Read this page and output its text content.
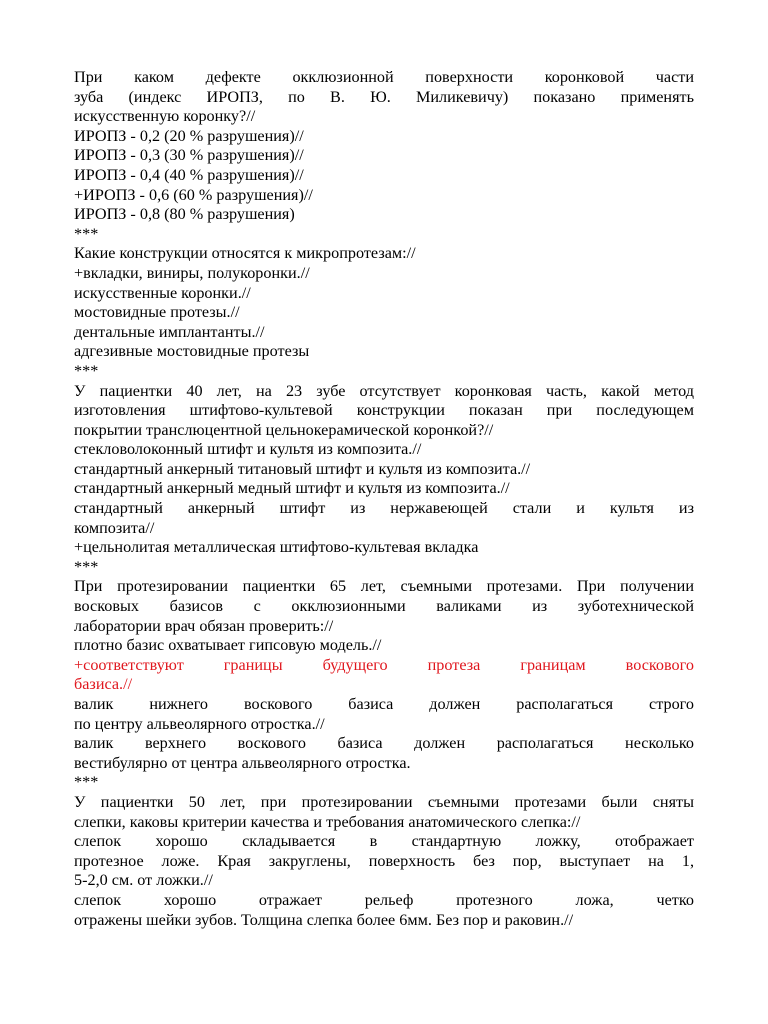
При каком дефекте окклюзионной поверхности коронковой части
зуба (индекс ИРОПЗ, по В. Ю. Миликевичу) показано применять
искусственную коронку?//
ИРОПЗ - 0,2 (20 % разрушения)//
ИРОПЗ - 0,3 (30 % разрушения)//
ИРОПЗ - 0,4 (40 % разрушения)//
+ИРОПЗ - 0,6 (60 % разрушения)//
ИРОПЗ - 0,8 (80 % разрушения)
***
Какие конструкции относятся к микропротезам://
+вкладки, виниры, полукоронки.//
искусственные коронки.//
мостовидные протезы.//
дентальные имплантанты.//
адгезивные мостовидные протезы
***
У пациентки 40 лет, на 23 зубе отсутствует коронковая часть, какой метод
изготовления штифтово-культевой конструкции показан при последующем
покрытии транслюцентной цельнокерамической коронкой?//
стекловолоконный штифт и культя из композита.//
стандартный анкерный титановый штифт и культя из композита.//
стандартный анкерный медный штифт и культя из композита.//
стандартный анкерный штифт из нержавеющей стали и культя из
композита//
+цельнолитая металлическая штифтово-культевая вкладка
***
При протезировании пациентки 65 лет, съемными протезами. При получении
восковых базисов с окклюзионными валиками из зуботехнической
лаборатории врач обязан проверить://
плотно базис охватывает гипсовую модель.//
+соответствуют границы будущего протеза границам воскового
базиса.//
валик нижнего воскового базиса должен располагаться строго
по центру альвеолярного отростка.//
валик верхнего воскового базиса должен располагаться несколько
вестибулярно от центра альвеолярного отростка.
***
У пациентки 50 лет, при протезировании съемными протезами были сняты
слепки, каковы критерии качества и требования анатомического слепка://
слепок хорошо складывается в стандартную ложку, отображает
протезное ложе. Края закруглены, поверхность без пор, выступает на 1,
5-2,0 см. от ложки.//
слепок хорошо отражает рельеф протезного ложа, четко
отражены шейки зубов. Толщина слепка более 6мм. Без пор и раковин.//
